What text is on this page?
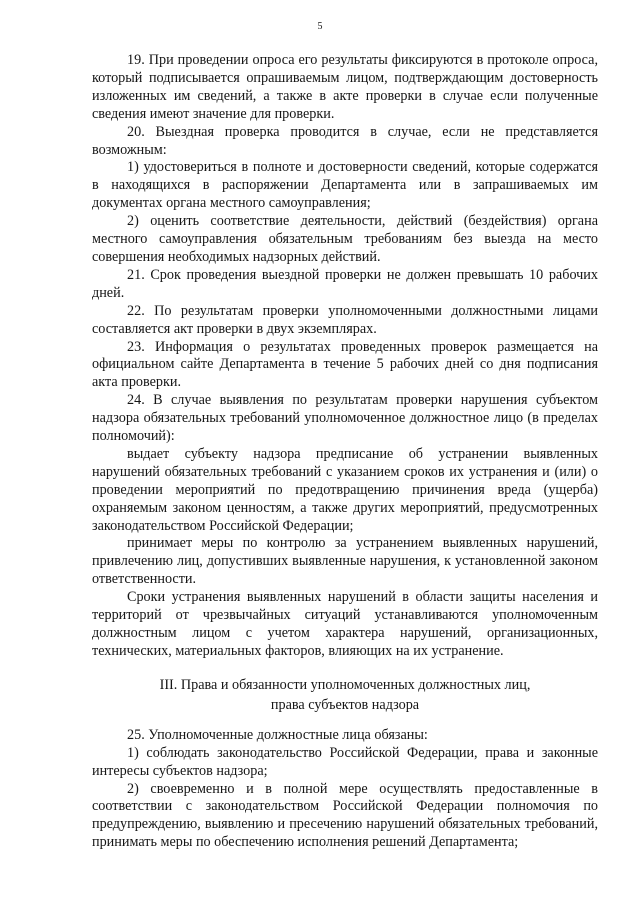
5

19. При проведении опроса его результаты фиксируются в протоколе опроса, который подписывается опрашиваемым лицом, подтверждающим достоверность изложенных им сведений, а также в акте проверки в случае если полученные сведения имеют значение для проверки.

20. Выездная проверка проводится в случае, если не представляется возможным:

1) удостовериться в полноте и достоверности сведений, которые содержатся в находящихся в распоряжении Департамента или в запрашиваемых им документах органа местного самоуправления;

2) оценить соответствие деятельности, действий (бездействия) органа местного самоуправления обязательным требованиям без выезда на место совершения необходимых надзорных действий.

21. Срок проведения выездной проверки не должен превышать 10 рабочих дней.

22. По результатам проверки уполномоченными должностными лицами составляется акт проверки в двух экземплярах.

23. Информация о результатах проведенных проверок размещается на официальном сайте Департамента в течение 5 рабочих дней со дня подписания акта проверки.

24. В случае выявления по результатам проверки нарушения субъектом надзора обязательных требований уполномоченное должностное лицо (в пределах полномочий):

выдает субъекту надзора предписание об устранении выявленных нарушений обязательных требований с указанием сроков их устранения и (или) о проведении мероприятий по предотвращению причинения вреда (ущерба) охраняемым законом ценностям, а также других мероприятий, предусмотренных законодательством Российской Федерации;

принимает меры по контролю за устранением выявленных нарушений, привлечению лиц, допустивших выявленные нарушения, к установленной законом ответственности.

Сроки устранения выявленных нарушений в области защиты населения и территорий от чрезвычайных ситуаций устанавливаются уполномоченным должностным лицом с учетом характера нарушений, организационных, технических, материальных факторов, влияющих на их устранение.

III. Права и обязанности уполномоченных должностных лиц,
права субъектов надзора

25. Уполномоченные должностные лица обязаны:

1) соблюдать законодательство Российской Федерации, права и законные интересы субъектов надзора;

2) своевременно и в полной мере осуществлять предоставленные в соответствии с законодательством Российской Федерации полномочия по предупреждению, выявлению и пресечению нарушений обязательных требований, принимать меры по обеспечению исполнения решений Департамента;
